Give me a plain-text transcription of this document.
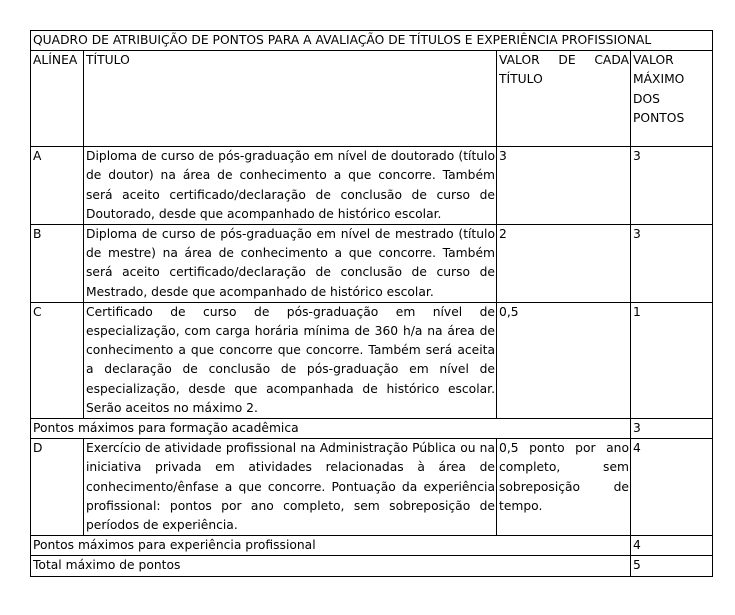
QUADRO DE ATRIBUIÇÃO DE PONTOS PARA A AVALIAÇÃO DE TÍTULOS E EXPERIÊNCIA PROFISSIONAL			
ALÍNEA	TÍTULO	VALOR DE CADA TÍTULO	VALOR MÁXIMO DOS PONTOS
A	Diploma de curso de pós-graduação em nível de doutorado (título de doutor) na área de conhecimento a que concorre. Também será aceito certificado/declaração de conclusão de curso de Doutorado, desde que acompanhado de histórico escolar.	3	3
B	Diploma de curso de pós-graduação em nível de mestrado (título de mestre) na área de conhecimento a que concorre. Também será aceito certificado/declaração de conclusão de curso de Mestrado, desde que acompanhado de histórico escolar.	2	3
C	Certificado de curso de pós-graduação em nível de especialização, com carga horária mínima de 360 h/a na área de conhecimento a que concorre que concorre. Também será aceita a declaração de conclusão de pós-graduação em nível de especialização, desde que acompanhada de histórico escolar. Serão aceitos no máximo 2.	0,5	1
Pontos máximos para formação acadêmica			3
D	Exercício de atividade profissional na Administração Pública ou na iniciativa privada em atividades relacionadas à área de conhecimento/ênfase a que concorre. Pontuação da experiência profissional: pontos por ano completo, sem sobreposição de períodos de experiência.	0,5 ponto por ano completo, sem sobreposição de tempo.	4
Pontos máximos para experiência profissional			4
Total máximo de pontos			5
